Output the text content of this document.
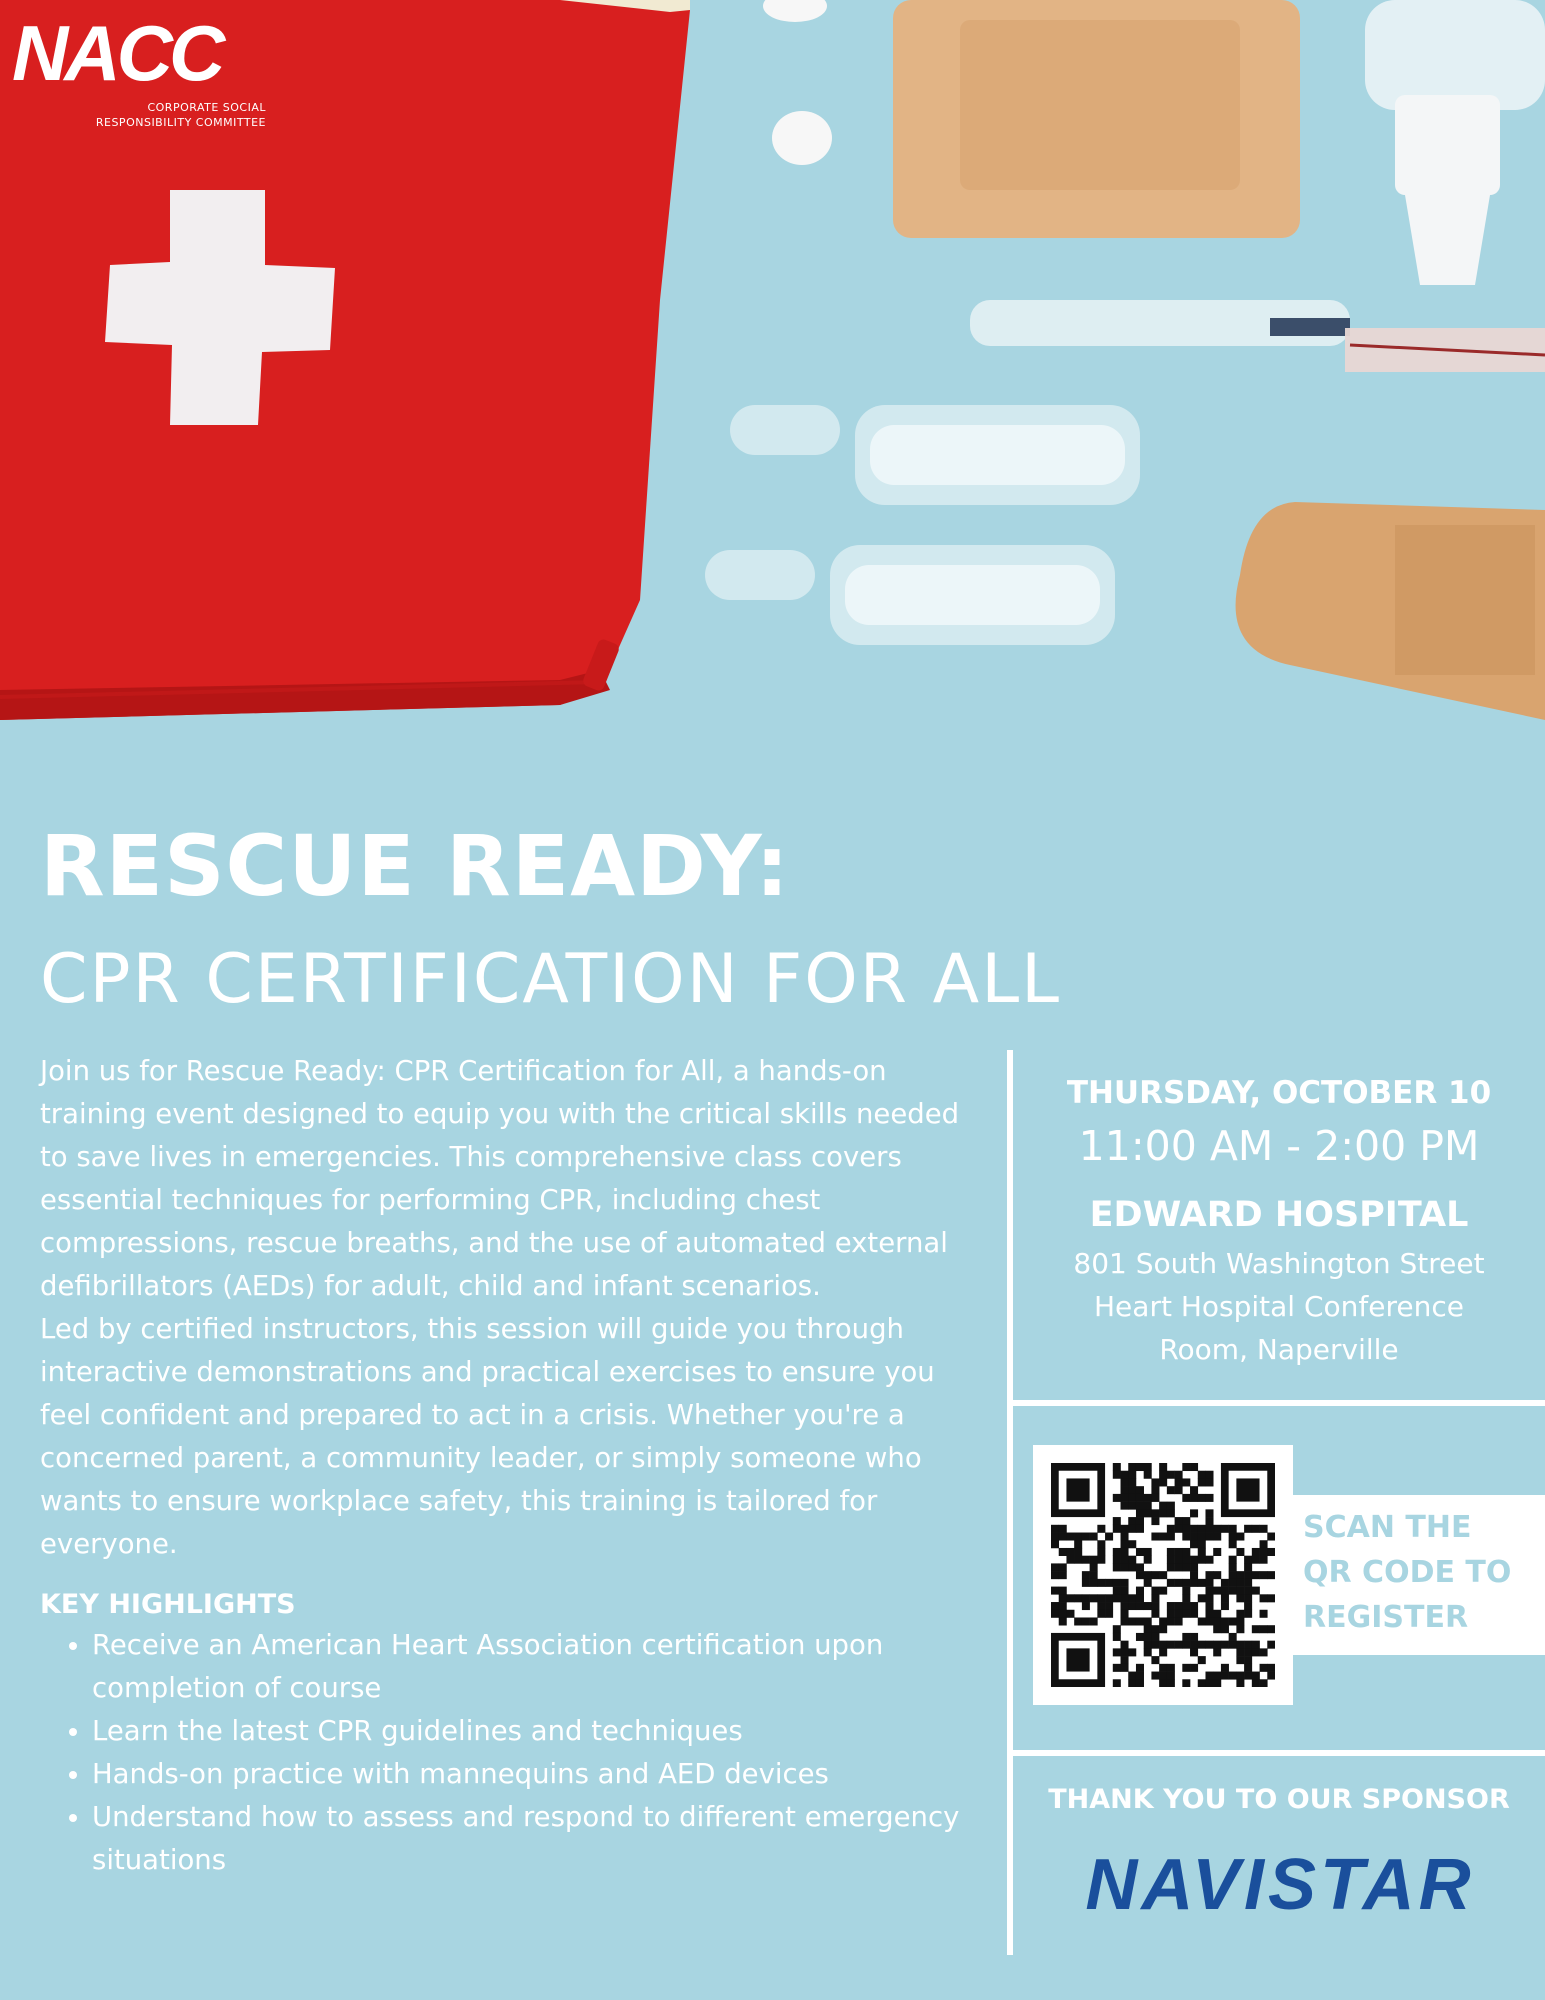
NACC
CORPORATE SOCIAL
RESPONSIBILITY COMMITTEE
RESCUE READY:
CPR CERTIFICATION FOR ALL

Join us for Rescue Ready: CPR Certification for All, a hands-on training event designed to equip you with the critical skills needed to save lives in emergencies. This comprehensive class covers essential techniques for performing CPR, including chest compressions, rescue breaths, and the use of automated external defibrillators (AEDs) for adult, child and infant scenarios.

Led by certified instructors, this session will guide you through interactive demonstrations and practical exercises to ensure you feel confident and prepared to act in a crisis. Whether you're a concerned parent, a community leader, or simply someone who wants to ensure workplace safety, this training is tailored for everyone.

KEY HIGHLIGHTS
• Receive an American Heart Association certification upon completion of course
• Learn the latest CPR guidelines and techniques
• Hands-on practice with mannequins and AED devices
• Understand how to assess and respond to different emergency situations
THURSDAY, OCTOBER 10
11:00 AM - 2:00 PM
EDWARD HOSPITAL
801 South Washington Street
Heart Hospital Conference
Room, Naperville
SCAN THE
QR CODE TO
REGISTER
THANK YOU TO OUR SPONSOR
NAVISTAR
